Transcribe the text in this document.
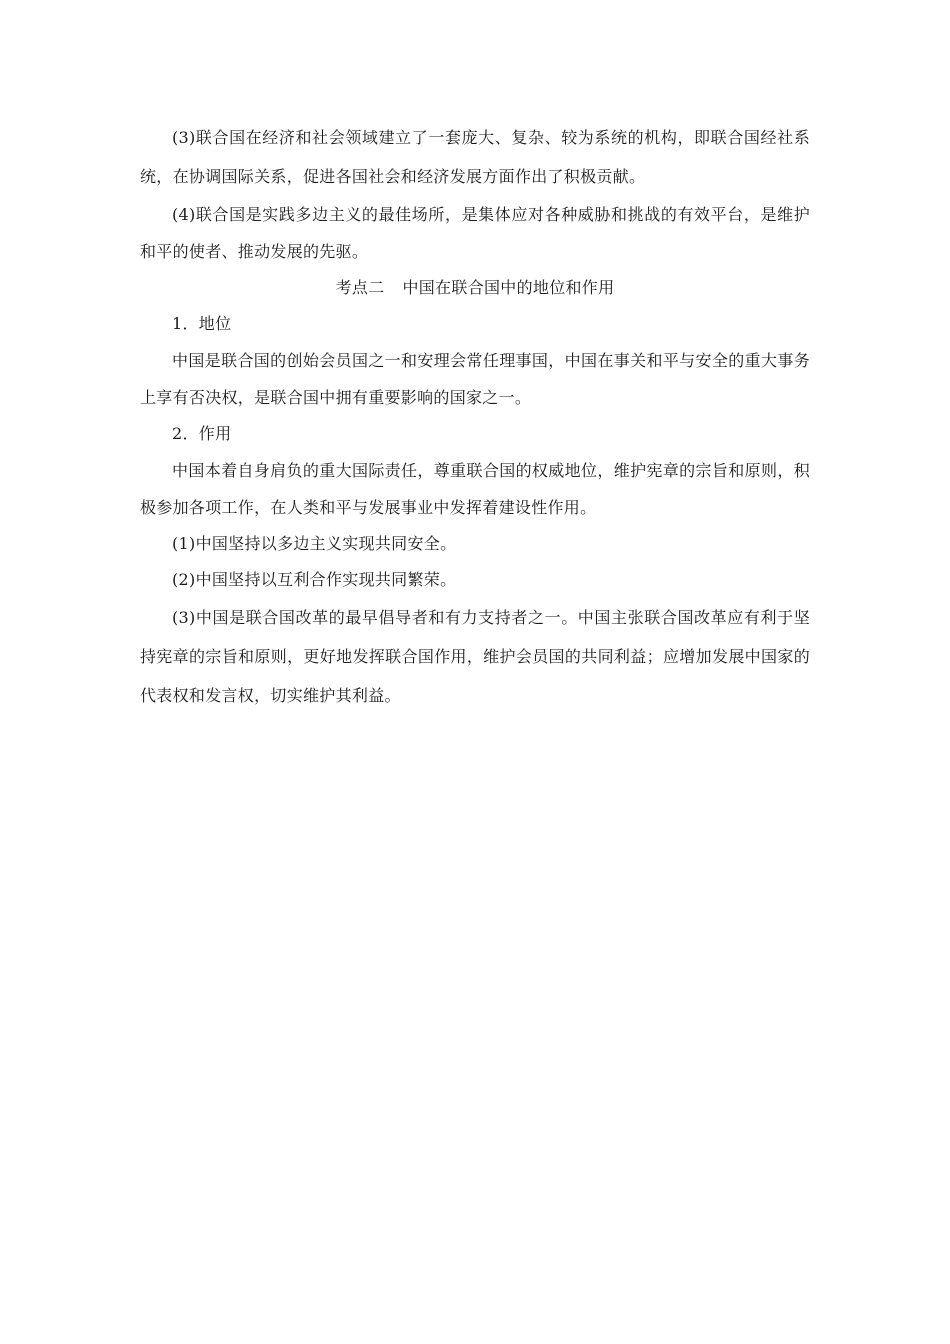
(3)联合国在经济和社会领域建立了一套庞大、复杂、较为系统的机构，即联合国经社系统，在协调国际关系，促进各国社会和经济发展方面作出了积极贡献。

(4)联合国是实践多边主义的最佳场所，是集体应对各种威胁和挑战的有效平台，是维护和平的使者、推动发展的先驱。

考点二 中国在联合国中的地位和作用

1．地位

中国是联合国的创始会员国之一和安理会常任理事国，中国在事关和平与安全的重大事务上享有否决权，是联合国中拥有重要影响的国家之一。

2．作用

中国本着自身肩负的重大国际责任，尊重联合国的权威地位，维护宪章的宗旨和原则，积极参加各项工作，在人类和平与发展事业中发挥着建设性作用。

(1)中国坚持以多边主义实现共同安全。

(2)中国坚持以互利合作实现共同繁荣。

(3)中国是联合国改革的最早倡导者和有力支持者之一。中国主张联合国改革应有利于坚持宪章的宗旨和原则，更好地发挥联合国作用，维护会员国的共同利益；应增加发展中国家的代表权和发言权，切实维护其利益。
